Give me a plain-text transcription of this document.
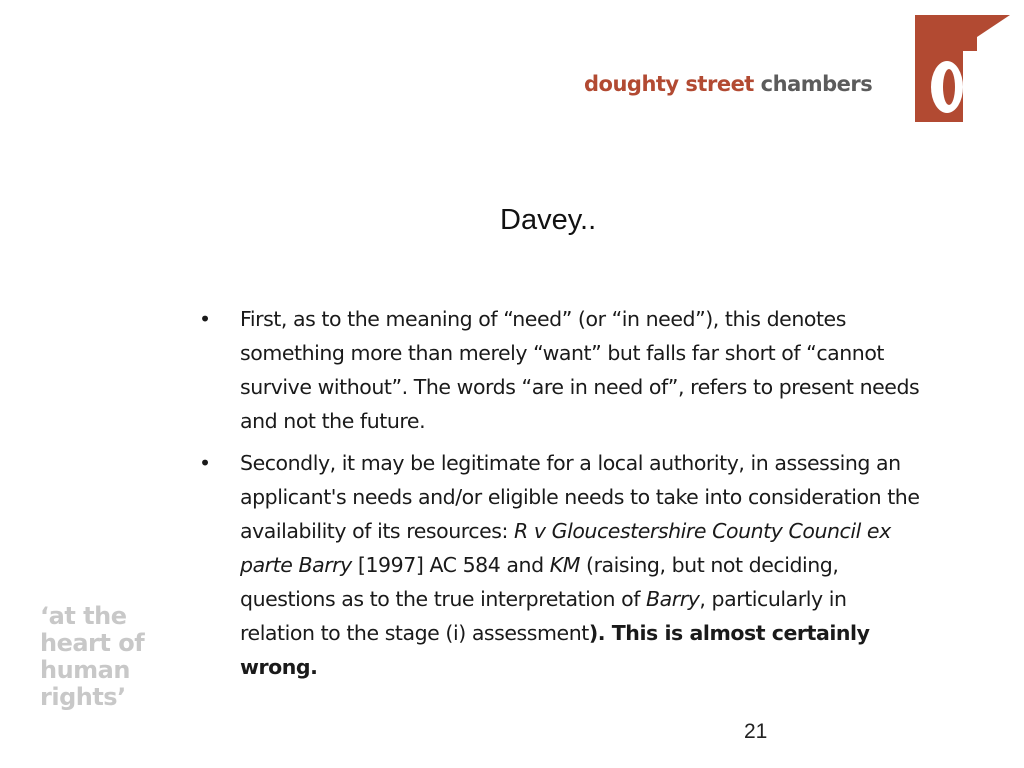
doughty street chambers
Davey..
• First, as to the meaning of “need” (or “in need”), this denotes something more than merely “want” but falls far short of “cannot survive without”. The words “are in need of”, refers to present needs and not the future.
• Secondly, it may be legitimate for a local authority, in assessing an applicant's needs and/or eligible needs to take into consideration the availability of its resources: R v Gloucestershire County Council ex parte Barry [1997] AC 584 and KM (raising, but not deciding, questions as to the true interpretation of Barry, particularly in relation to the stage (i) assessment). This is almost certainly wrong.
‘at the
heart of
human
rights’
21
